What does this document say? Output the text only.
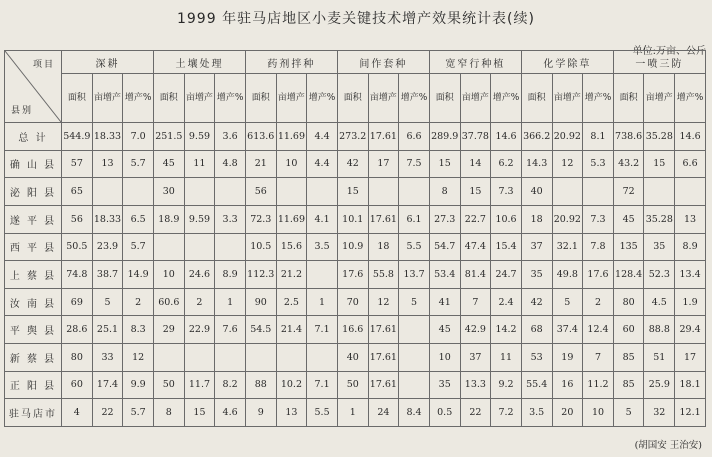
1999 年驻马店地区小麦关键技术增产效果统计表(续)
单位:万亩、公斤
项目
县别	深耕			土壤处理			药剂拌种			间作套种			宽窄行种植			化学除草			一喷三防		
	面积	亩增产	增产%	面积	亩增产	增产%	面积	亩增产	增产%	面积	亩增产	增产%	面积	亩增产	增产%	面积	亩增产	增产%	面积	亩增产	增产%
总 计	544.9	18.33	7.0	251.5	9.59	3.6	613.6	11.69	4.4	273.2	17.61	6.6	289.9	37.78	14.6	366.2	20.92	8.1	738.6	35.28	14.6
确 山 县	57	13	5.7	45	11	4.8	21	10	4.4	42	17	7.5	15	14	6.2	14.3	12	5.3	43.2	15	6.6
泌 阳 县	65			30			56			15			8	15	7.3	40			72		
遂 平 县	56	18.33	6.5	18.9	9.59	3.3	72.3	11.69	4.1	10.1	17.61	6.1	27.3	22.7	10.6	18	20.92	7.3	45	35.28	13
西 平 县	50.5	23.9	5.7				10.5	15.6	3.5	10.9	18	5.5	54.7	47.4	15.4	37	32.1	7.8	135	35	8.9
上 蔡 县	74.8	38.7	14.9	10	24.6	8.9	112.3	21.2		17.6	55.8	13.7	53.4	81.4	24.7	35	49.8	17.6	128.4	52.3	13.4
汝 南 县	69	5	2	60.6	2	1	90	2.5	1	70	12	5	41	7	2.4	42	5	2	80	4.5	1.9
平 舆 县	28.6	25.1	8.3	29	22.9	7.6	54.5	21.4	7.1	16.6	17.61		45	42.9	14.2	68	37.4	12.4	60	88.8	29.4
新 蔡 县	80	33	12							40	17.61		10	37	11	53	19	7	85	51	17
正 阳 县	60	17.4	9.9	50	11.7	8.2	88	10.2	7.1	50	17.61		35	13.3	9.2	55.4	16	11.2	85	25.9	18.1
驻马店市	4	22	5.7	8	15	4.6	9	13	5.5	1	24	8.4	0.5	22	7.2	3.5	20	10	5	32	12.1
(胡国安 王治安)
